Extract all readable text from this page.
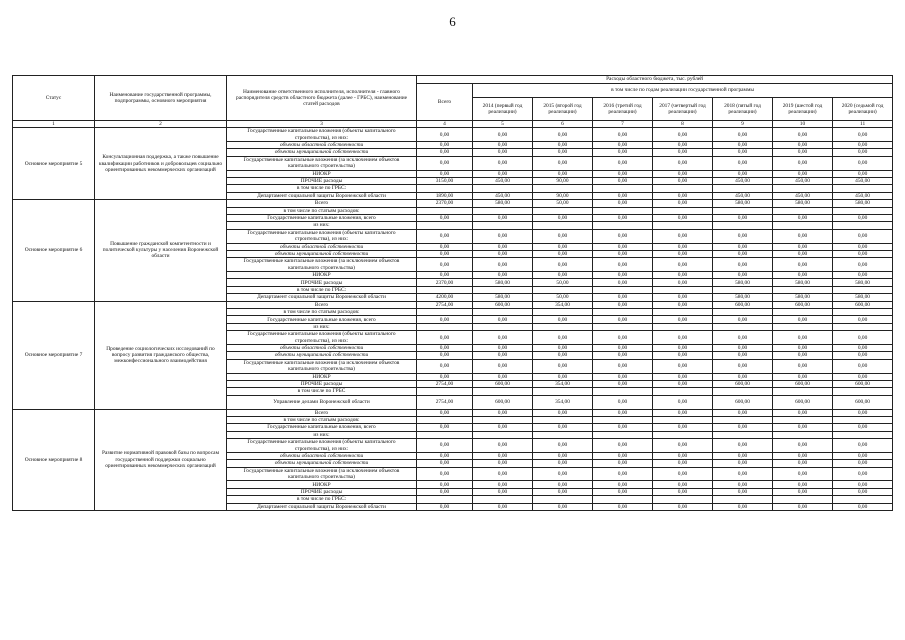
6
Статус	Наименование государственной программы, подпрограммы, основного мероприятия	Наименование ответственного исполнителя, исполнителя - главного распорядителя средств областного бюджета (далее - ГРБС), наименование статей расходов	Расходы областного бюджета, тыс. рублей							
			Всего	в том числе по годам реализации государственной программы						
				2014 (первый год реализации)	2015 (второй год реализации)	2016 (третий год реализации)	2017 (четвертый год реализации)	2018 (пятый год реализации)	2019 (шестой год реализации)	2020 (седьмой год реализации)
1	2	3	4	5	6	7	8	9	10	11
Основное мероприятие 5	Консультационная поддержка, а также повышение квалификации работников и добровольцев социально ориентированных некоммерческих организаций	Государственные капитальные вложения (объекты капитального строительства), из них:	0,00	0,00	0,00	0,00	0,00	0,00	0,00	0,00
		объекты областной собственности	0,00	0,00	0,00	0,00	0,00	0,00	0,00	0,00
		объекты муниципальной собственности	0,00	0,00	0,00	0,00	0,00	0,00	0,00	0,00
		Государственные капитальные вложения (за исключением объектов капитального строительства)	0,00	0,00	0,00	0,00	0,00	0,00	0,00	0,00
		НИОКР	0,00	0,00	0,00	0,00	0,00	0,00	0,00	0,00
		ПРОЧИЕ расходы	3150,00	450,00	90,00	0,00	0,00	450,00	450,00	450,00
		в том числе по ГРБС:								
		Департамент социальной защиты Воронежской области	1890,00	450,00	90,00	0,00	0,00	450,00	450,00	450,00
Основное мероприятие 6	Повышение гражданской компетентности и политической культуры у населения Воронежской области	Всего	2370,00	580,00	50,00	0,00	0,00	580,00	580,00	580,00
		в том числе по статьям расходов:								
		Государственные капитальные вложения, всего	0,00	0,00	0,00	0,00	0,00	0,00	0,00	0,00
		из них:								
		Государственные капитальные вложения (объекты капитального строительства), из них:	0,00	0,00	0,00	0,00	0,00	0,00	0,00	0,00
		объекты областной собственности	0,00	0,00	0,00	0,00	0,00	0,00	0,00	0,00
		объекты муниципальной собственности	0,00	0,00	0,00	0,00	0,00	0,00	0,00	0,00
		Государственные капитальные вложения (за исключением объектов капитального строительства)	0,00	0,00	0,00	0,00	0,00	0,00	0,00	0,00
		НИОКР	0,00	0,00	0,00	0,00	0,00	0,00	0,00	0,00
		ПРОЧИЕ расходы	2370,00	580,00	50,00	0,00	0,00	580,00	580,00	580,00
		в том числе по ГРБС:								
		Департамент социальной защиты Воронежской области	4200,00	580,00	50,00	0,00	0,00	580,00	580,00	580,00
Основное мероприятие 7	Проведение социологических исследований по вопросу развития гражданского общества, межконфессионального взаимодействия	Всего	2754,00	600,00	354,00	0,00	0,00	600,00	600,00	600,00
		в том числе по статьям расходов:								
		Государственные капитальные вложения, всего	0,00	0,00	0,00	0,00	0,00	0,00	0,00	0,00
		из них:								
		Государственные капитальные вложения (объекты капитального строительства), из них:	0,00	0,00	0,00	0,00	0,00	0,00	0,00	0,00
		объекты областной собственности	0,00	0,00	0,00	0,00	0,00	0,00	0,00	0,00
		объекты муниципальной собственности	0,00	0,00	0,00	0,00	0,00	0,00	0,00	0,00
		Государственные капитальные вложения (за исключением объектов капитального строительства)	0,00	0,00	0,00	0,00	0,00	0,00	0,00	0,00
		НИОКР	0,00	0,00	0,00	0,00	0,00	0,00	0,00	0,00
		ПРОЧИЕ расходы	2754,00	600,00	354,00	0,00	0,00	600,00	600,00	600,00
		в том числе по ГРБС								
		Управление делами Воронежской области	2754,00	600,00	354,00	0,00	0,00	600,00	600,00	600,00
Основное мероприятие 8	Развитие нормативной правовой базы по вопросам государственной поддержки социально ориентированных некоммерческих организаций	Всего	0,00	0,00	0,00	0,00	0,00	0,00	0,00	0,00
		в том числе по статьям расходов:								
		Государственные капитальные вложения, всего	0,00	0,00	0,00	0,00	0,00	0,00	0,00	0,00
		из них:								
		Государственные капитальные вложения (объекты капитального строительства), из них:	0,00	0,00	0,00	0,00	0,00	0,00	0,00	0,00
		объекты областной собственности	0,00	0,00	0,00	0,00	0,00	0,00	0,00	0,00
		объекты муниципальной собственности	0,00	0,00	0,00	0,00	0,00	0,00	0,00	0,00
		Государственные капитальные вложения (за исключением объектов капитального строительства)	0,00	0,00	0,00	0,00	0,00	0,00	0,00	0,00
		НИОКР	0,00	0,00	0,00	0,00	0,00	0,00	0,00	0,00
		ПРОЧИЕ расходы	0,00	0,00	0,00	0,00	0,00	0,00	0,00	0,00
		в том числе по ГРБС:								
		Департамент социальной защиты Воронежской области	0,00	0,00	0,00	0,00	0,00	0,00	0,00	0,00
